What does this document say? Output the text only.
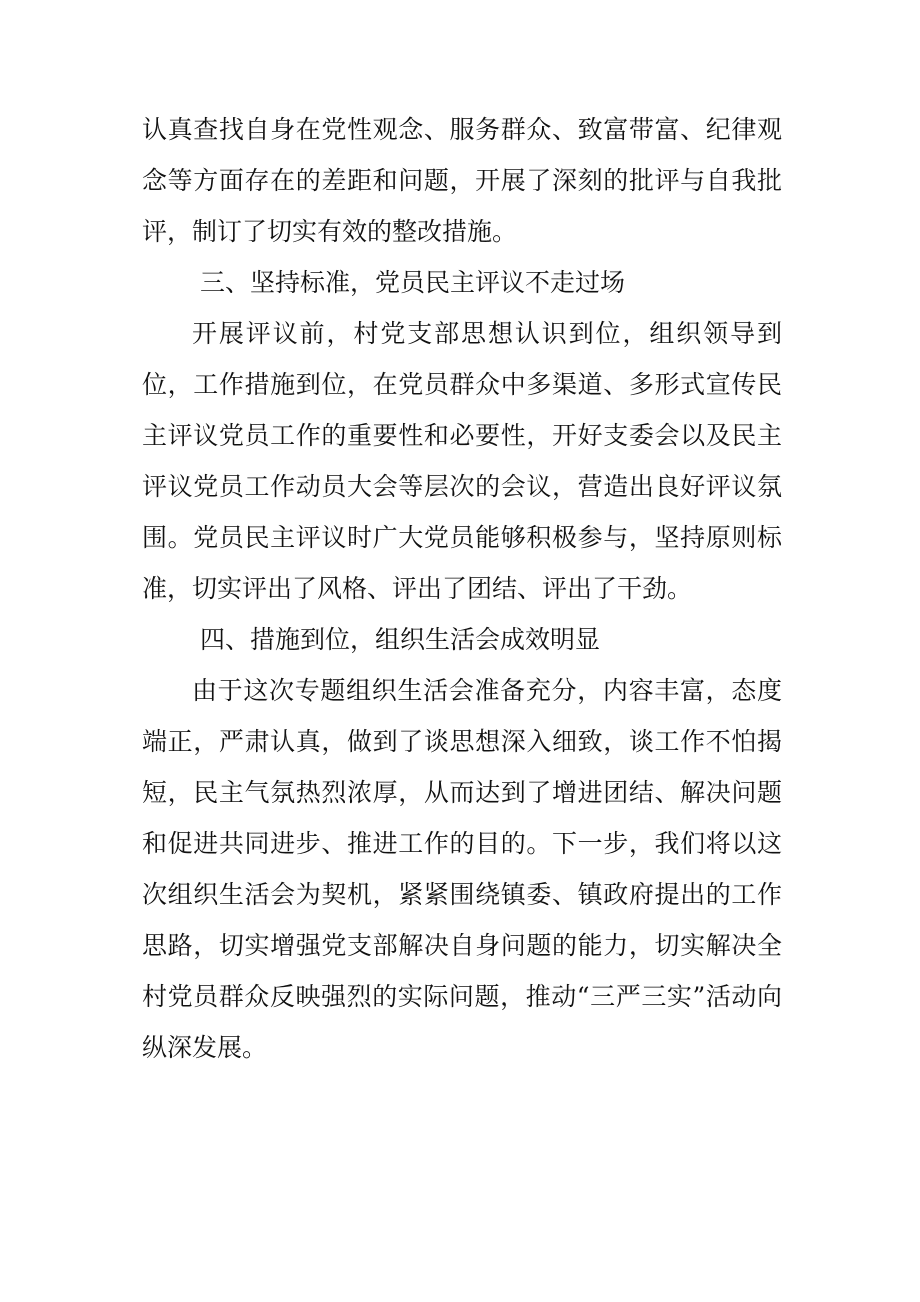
认真查找自身在党性观念、服务群众、致富带富、纪律观念等方面存在的差距和问题，开展了深刻的批评与自我批评，制订了切实有效的整改措施。

三、坚持标准，党员民主评议不走过场

开展评议前，村党支部思想认识到位，组织领导到位，工作措施到位，在党员群众中多渠道、多形式宣传民主评议党员工作的重要性和必要性，开好支委会以及民主评议党员工作动员大会等层次的会议，营造出良好评议氛围。党员民主评议时广大党员能够积极参与，坚持原则标准，切实评出了风格、评出了团结、评出了干劲。

四、措施到位，组织生活会成效明显

由于这次专题组织生活会准备充分，内容丰富，态度端正，严肃认真，做到了谈思想深入细致，谈工作不怕揭短，民主气氛热烈浓厚，从而达到了增进团结、解决问题和促进共同进步、推进工作的目的。下一步，我们将以这次组织生活会为契机，紧紧围绕镇委、镇政府提出的工作思路，切实增强党支部解决自身问题的能力，切实解决全村党员群众反映强烈的实际问题，推动“三严三实”活动向纵深发展。
